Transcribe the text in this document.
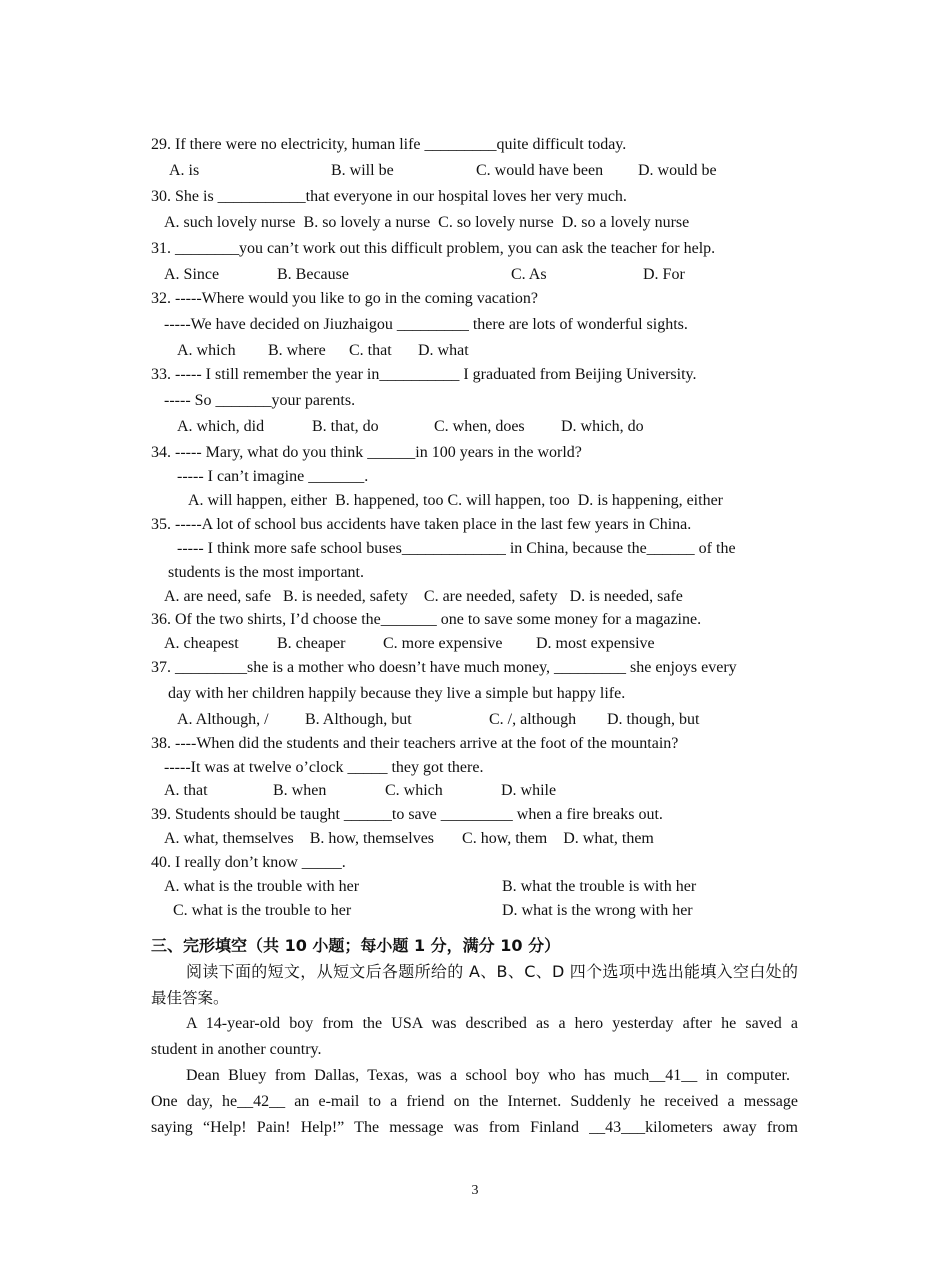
29. If there were no electricity, human life _________quite difficult today.
A. is	B. will be	C. would have been D. would be
30. She is ___________that everyone in our hospital loves her very much.
A. such lovely nurse  B. so lovely a nurse  C. so lovely nurse  D. so a lovely nurse
31. ________you can’t work out this difficult problem, you can ask the teacher for help.
A. Since	B. Because	C. As	D. For
32. -----Where would you like to go in the coming vacation?
-----We have decided on Jiuzhaigou _________ there are lots of wonderful sights.
A. which B. where C. that D. what
33. ----- I still remember the year in__________ I graduated from Beijing University.
----- So _______your parents.
A. which, did	B. that, do	C. when, does D. which, do
34. ----- Mary, what do you think ______in 100 years in the world?
----- I can’t imagine _______.
A. will happen, either  B. happened, too C. will happen, too  D. is happening, either
35. -----A lot of school bus accidents have taken place in the last few years in China.
----- I think more safe school buses_____________ in China, because the______ of the
students is the most important.
A. are need, safe   B. is needed, safety    C. are needed, safety   D. is needed, safe
36. Of the two shirts, I’d choose the_______ one to save some money for a magazine.
A. cheapest B. cheaper C. more expensive D. most expensive
37. _________she is a mother who doesn’t have much money, _________ she enjoys every
day with her children happily because they live a simple but happy life.
A. Although, / B. Although, but	C. /, although D. though, but
38. ----When did the students and their teachers arrive at the foot of the mountain?
-----It was at twelve o’clock _____ they got there.
A. that	B. when	C. which	D. while
39. Students should be taught ______to save _________ when a fire breaks out.
A. what, themselves    B. how, themselves       C. how, them    D. what, them
40. I really don’t know _____.
A. what is the trouble with her	B. what the trouble is with her
C. what is the trouble to her	D. what is the wrong with her
三、完形填空（共 10 小题；每小题 1 分，满分 10 分）
阅读下面的短文，从短文后各题所给的 A、B、C、D 四个选项中选出能填入空白处的
最佳答案。
A 14-year-old boy from the USA was described as a hero yesterday after he saved a
student in another country.
Dean Bluey from Dallas, Texas, was a school boy who has much__41__ in computer.
One day, he__42__ an e-mail to a friend on the Internet. Suddenly he received a message
saying “Help! Pain! Help!” The message was from Finland __43___kilometers away from
3
